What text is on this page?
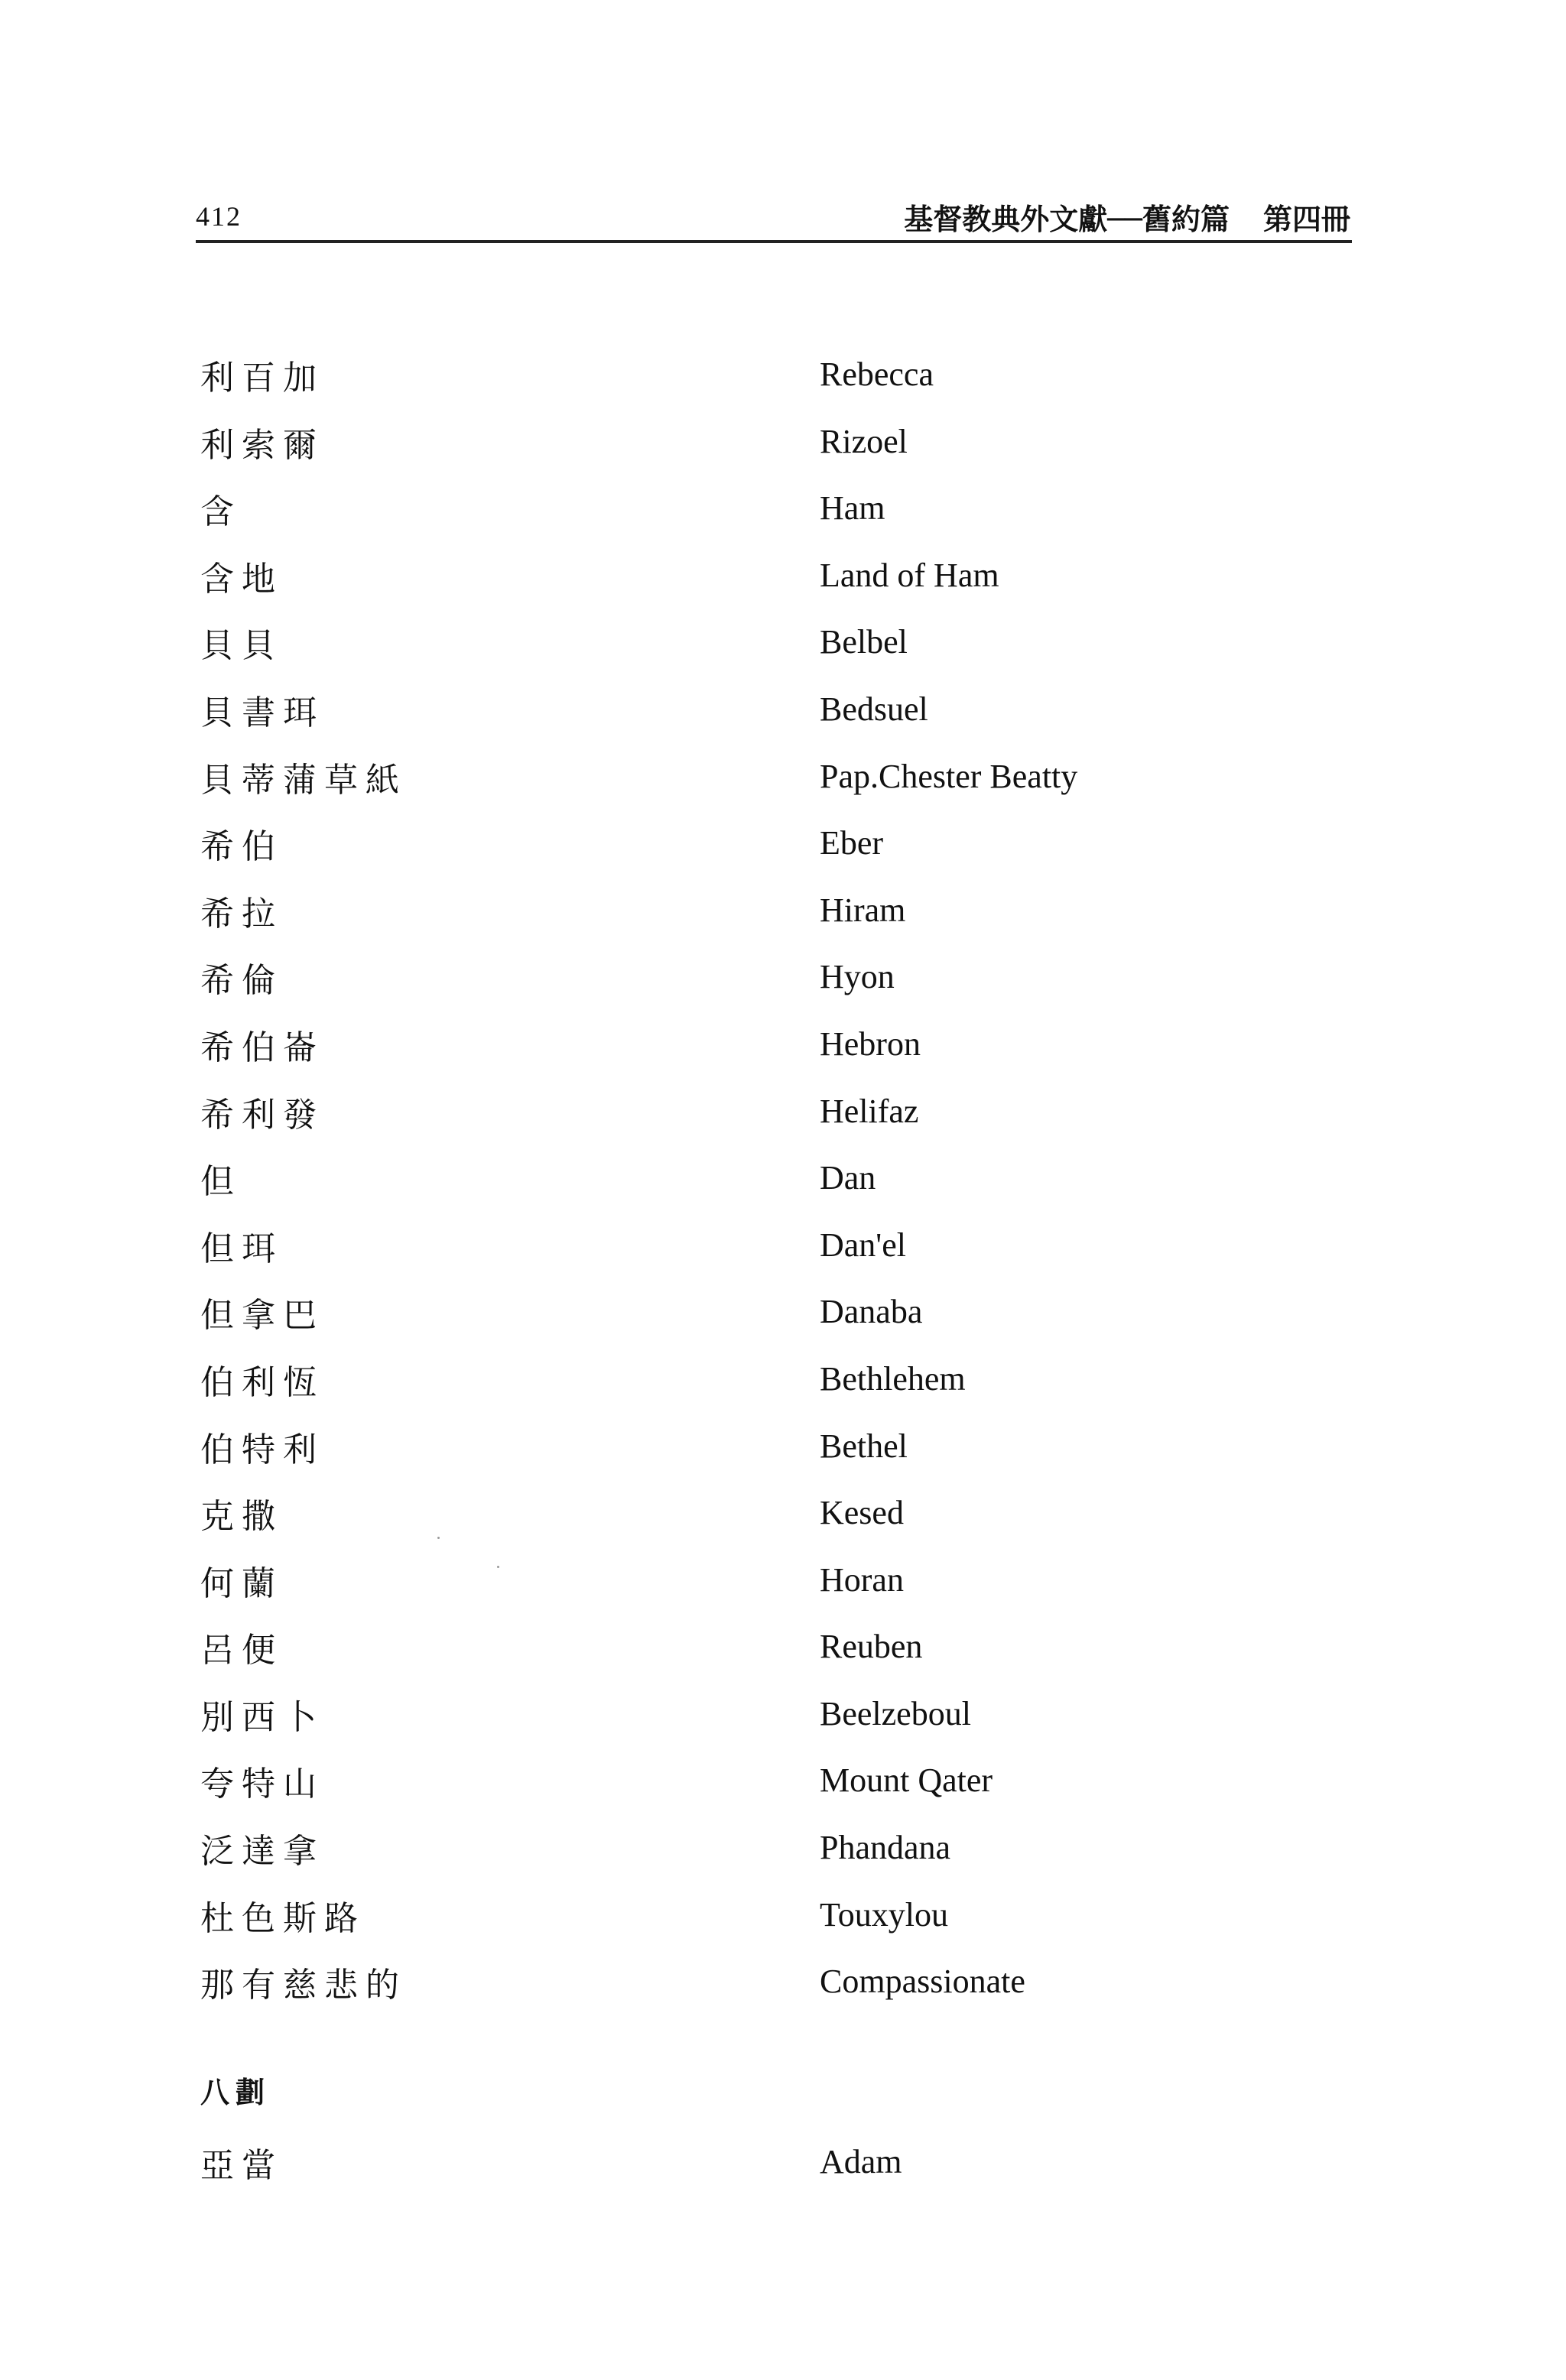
412	基督教典外文獻──舊約篇 第四冊
利百加	Rebecca
利索爾	Rizoel
含	Ham
含地	Land of Ham
貝貝	Belbel
貝書珥	Bedsuel
貝蒂蒲草紙	Pap.Chester Beatty
希伯	Eber
希拉	Hiram
希倫	Hyon
希伯崙	Hebron
希利發	Helifaz
但	Dan
但珥	Dan'el
但拿巴	Danaba
伯利恆	Bethlehem
伯特利	Bethel
克撒	Kesed
何蘭	Horan
呂便	Reuben
別西卜	Beelzeboul
夸特山	Mount Qater
泛達拿	Phandana
杜色斯路	Touxylou
那有慈悲的	Compassionate
八劃
亞當	Adam
